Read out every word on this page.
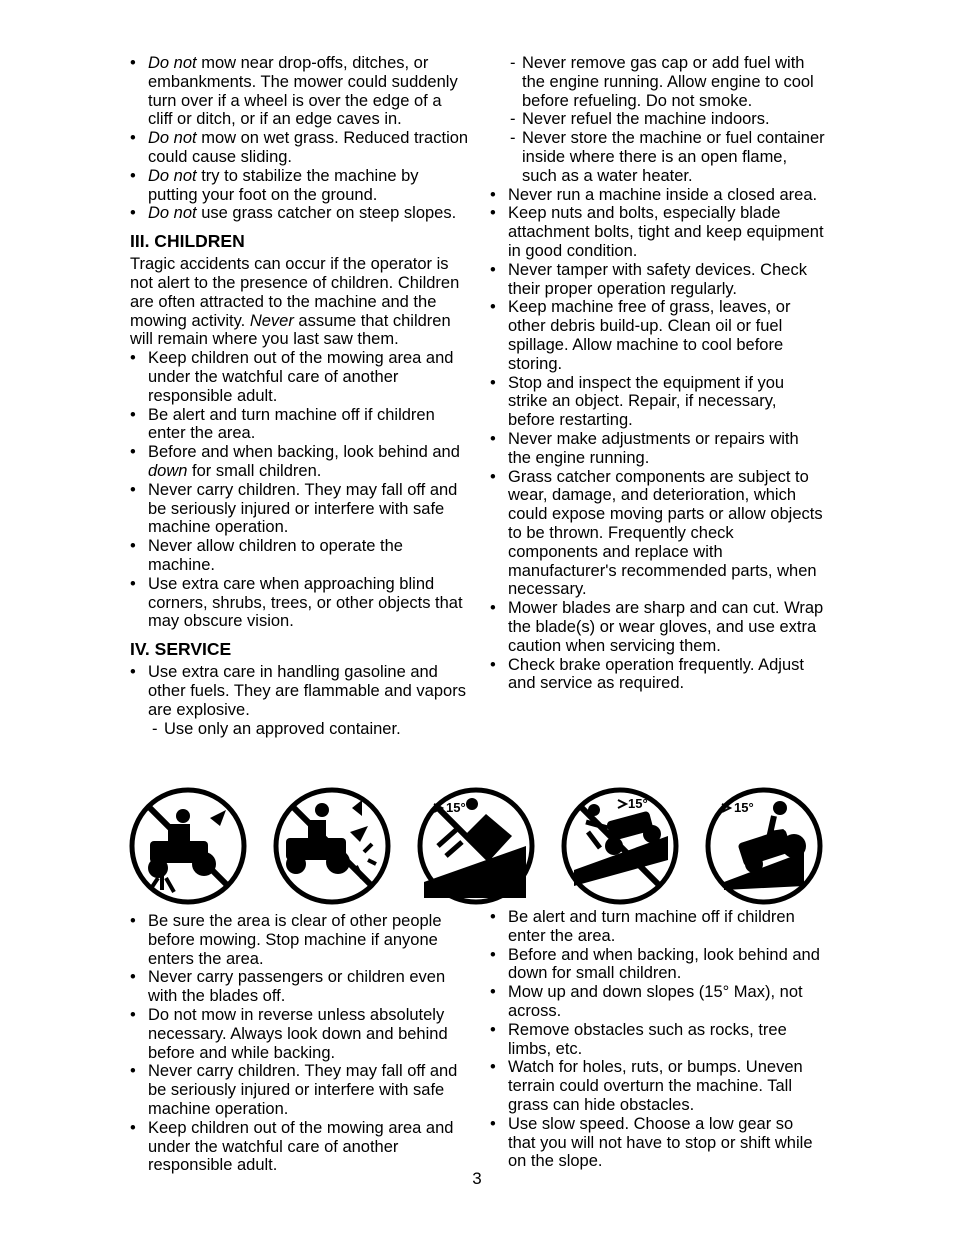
• Do not mow near drop-offs, ditches, or embankments. The mower could suddenly turn over if a wheel is over the edge of a cliff or ditch, or if an edge caves in.
• Do not mow on wet grass. Reduced traction could cause sliding.
• Do not try to stabilize the machine by putting your foot on the ground.
• Do not use grass catcher on steep slopes.
III. CHILDREN

Tragic accidents can occur if the operator is not alert to the presence of children. Children are often attracted to the machine and the mowing activity. Never assume that children will remain where you last saw them.

• Keep children out of the mowing area and under the watchful care of another responsible adult.
• Be alert and turn machine off if children enter the area.
• Before and when backing, look behind and down for small children.
• Never carry children. They may fall off and be seriously injured or interfere with safe machine operation.
• Never allow children to operate the machine.
• Use extra care when approaching blind corners, shrubs, trees, or other objects that may obscure vision.
IV. SERVICE
• Use extra care in handling gasoline and other fuels. They are flammable and vapors are explosive.
- Use only an approved container.
- Never remove gas cap or add fuel with the engine running. Allow engine to cool before refueling. Do not smoke.
- Never refuel the machine indoors.
- Never store the machine or fuel container inside where there is an open flame, such as a water heater.
• Never run a machine inside a closed area.
• Keep nuts and bolts, especially blade attachment bolts, tight and keep equipment in good condition.
• Never tamper with safety devices. Check their proper operation regularly.
• Keep machine free of grass, leaves, or other debris build-up. Clean oil or fuel spillage. Allow machine to cool before storing.
• Stop and inspect the equipment if you strike an object. Repair, if necessary, before restarting.
• Never make adjustments or repairs with the engine running.
• Grass catcher components are subject to wear, damage, and deterioration, which could expose moving parts or allow objects to be thrown. Frequently check components and replace with manufacturer's recommended parts, when necessary.
• Mower blades are sharp and can cut. Wrap the blade(s) or wear gloves, and use extra caution when servicing them.
• Check brake operation frequently. Adjust and service as required.
15°	15°	15°
• Be sure the area is clear of other people before mowing. Stop machine if anyone enters the area.
• Never carry passengers or children even with the blades off.
• Do not mow in reverse unless absolutely necessary. Always look down and behind before and while backing.
• Never carry children. They may fall off and be seriously injured or interfere with safe machine operation.
• Keep children out of the mowing area and under the watchful care of another responsible adult.
• Be alert and turn machine off if children enter the area.
• Before and when backing, look behind and down for small children.
• Mow up and down slopes (15° Max), not across.
• Remove obstacles such as rocks, tree limbs, etc.
• Watch for holes, ruts, or bumps. Uneven terrain could overturn the machine. Tall grass can hide obstacles.
• Use slow speed. Choose a low gear so that you will not have to stop or shift while on the slope.
3
